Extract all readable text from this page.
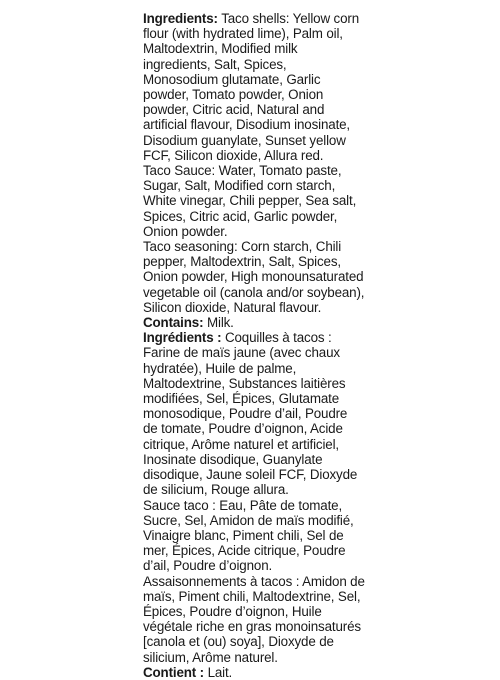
Ingredients: Taco shells: Yellow corn flour (with hydrated lime), Palm oil, Maltodextrin, Modified milk ingredients, Salt, Spices, Monosodium glutamate, Garlic powder, Tomato powder, Onion powder, Citric acid, Natural and artificial flavour, Disodium inosinate, Disodium guanylate, Sunset yellow FCF, Silicon dioxide, Allura red.

Taco Sauce: Water, Tomato paste, Sugar, Salt, Modified corn starch, White vinegar, Chili pepper, Sea salt, Spices, Citric acid, Garlic powder, Onion powder.

Taco seasoning: Corn starch, Chili pepper, Maltodextrin, Salt, Spices, Onion powder, High monounsaturated vegetable oil (canola and/or soybean), Silicon dioxide, Natural flavour.

Contains: Milk.

Ingrédients : Coquilles à tacos : Farine de maïs jaune (avec chaux hydratée), Huile de palme, Maltodextrine, Substances laitières modifiées, Sel, Épices, Glutamate monosodique, Poudre d’ail, Poudre de tomate, Poudre d’oignon, Acide citrique, Arôme naturel et artificiel, Inosinate disodique, Guanylate disodique, Jaune soleil FCF, Dioxyde de silicium, Rouge allura.

Sauce taco : Eau, Pâte de tomate, Sucre, Sel, Amidon de maïs modifié, Vinaigre blanc, Piment chili, Sel de mer, Épices, Acide citrique, Poudre d’ail, Poudre d’oignon.

Assaisonnements à tacos : Amidon de maïs, Piment chili, Maltodextrine, Sel, Épices, Poudre d’oignon, Huile végétale riche en gras monoinsaturés [canola et (ou) soya], Dioxyde de silicium, Arôme naturel.

Contient : Lait.
